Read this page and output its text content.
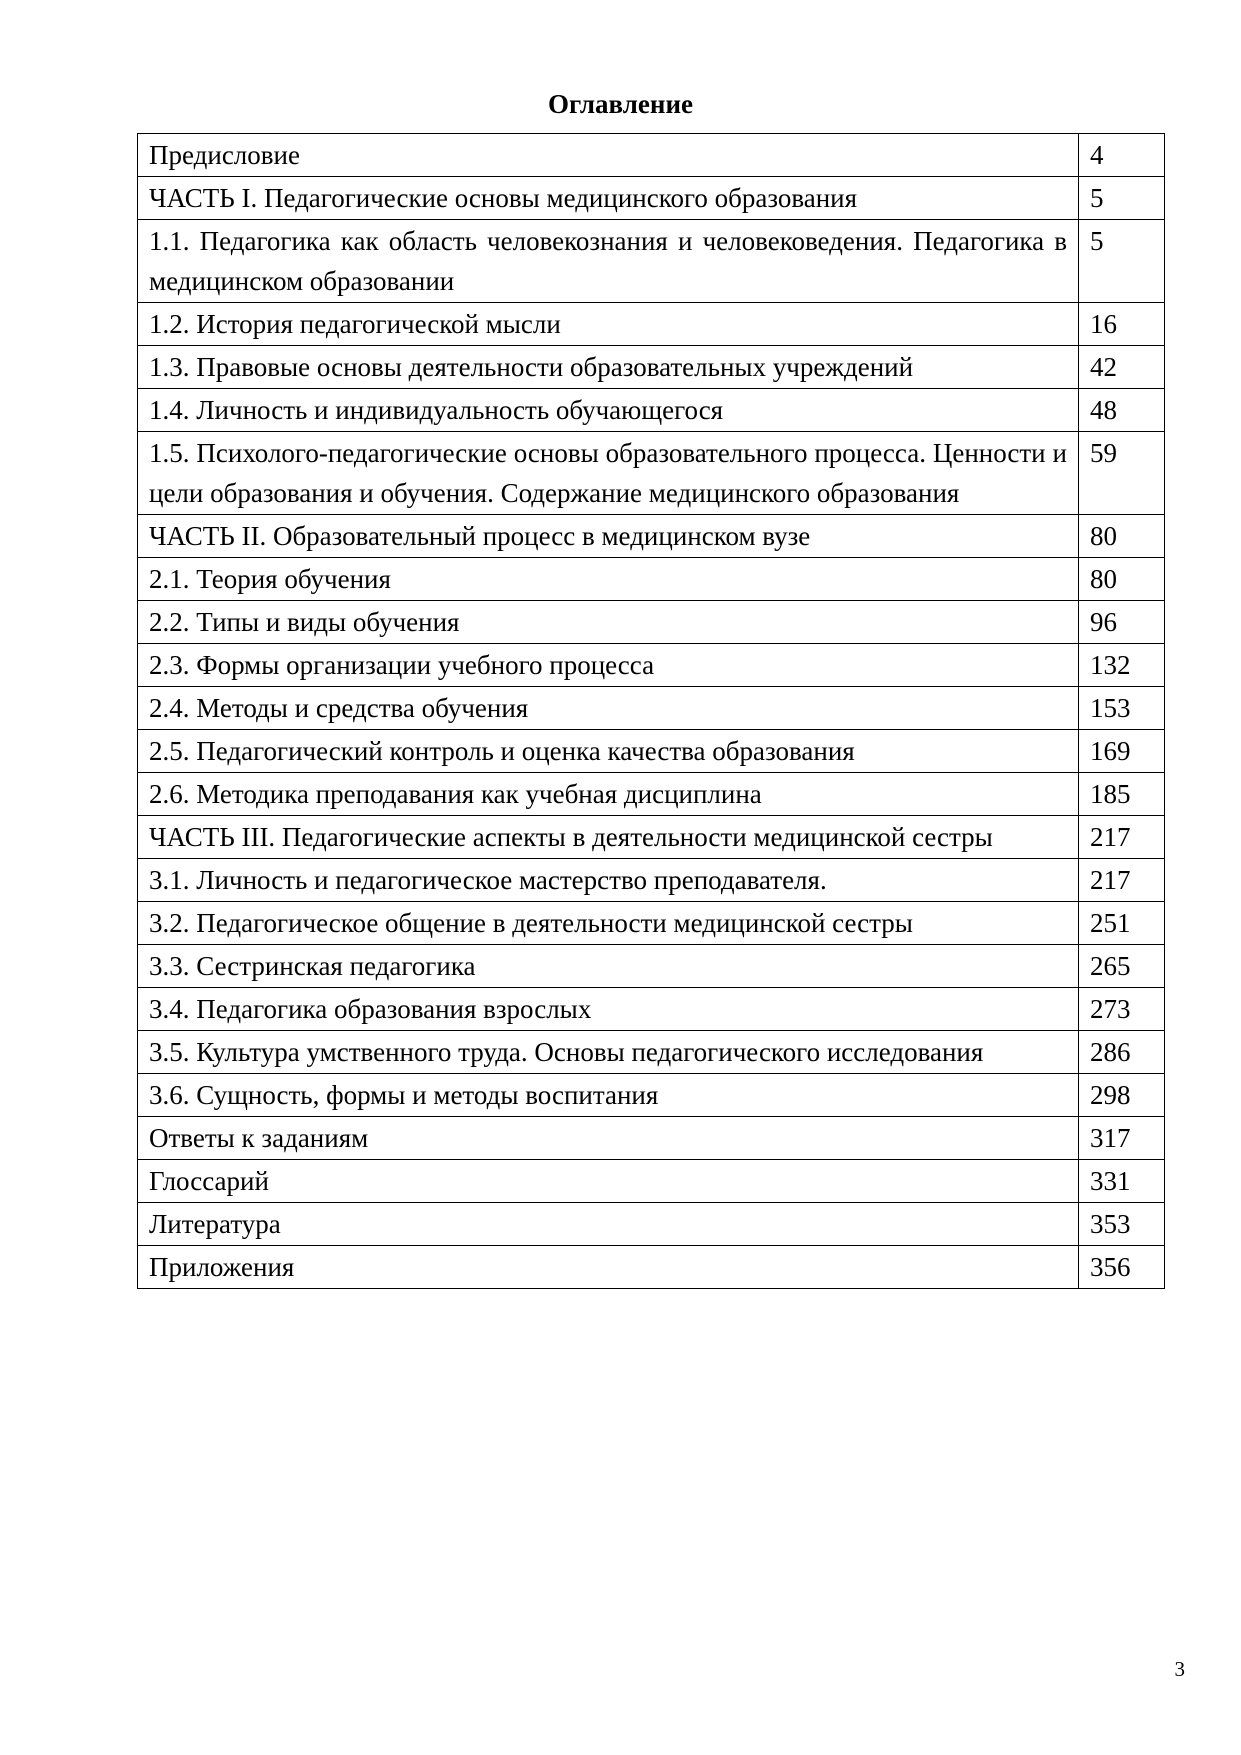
Оглавление
Предисловие	4
ЧАСТЬ I. Педагогические основы медицинского образования	5
1.1. Педагогика как область человекознания и человековедения. Педагогика в медицинском образовании	5
1.2. История педагогической мысли	16
1.3. Правовые основы деятельности образовательных учреждений	42
1.4. Личность и индивидуальность обучающегося	48
1.5. Психолого-педагогические основы образовательного процесса. Ценности и цели образования и обучения. Содержание медицинского образования	59
ЧАСТЬ II. Образовательный процесс в медицинском вузе	80
2.1. Теория обучения	80
2.2. Типы и виды обучения	96
2.3. Формы организации учебного процесса	132
2.4. Методы и средства обучения	153
2.5. Педагогический контроль и оценка качества образования	169
2.6. Методика преподавания как учебная дисциплина	185
ЧАСТЬ III. Педагогические аспекты в деятельности медицинской сестры	217
3.1. Личность и педагогическое мастерство преподавателя.	217
3.2. Педагогическое общение в деятельности медицинской сестры	251
3.3. Сестринская педагогика	265
3.4. Педагогика образования взрослых	273
3.5. Культура умственного труда. Основы педагогического исследования	286
3.6. Сущность, формы и методы воспитания	298
Ответы к заданиям	317
Глоссарий	331
Литература	353
Приложения	356
3
